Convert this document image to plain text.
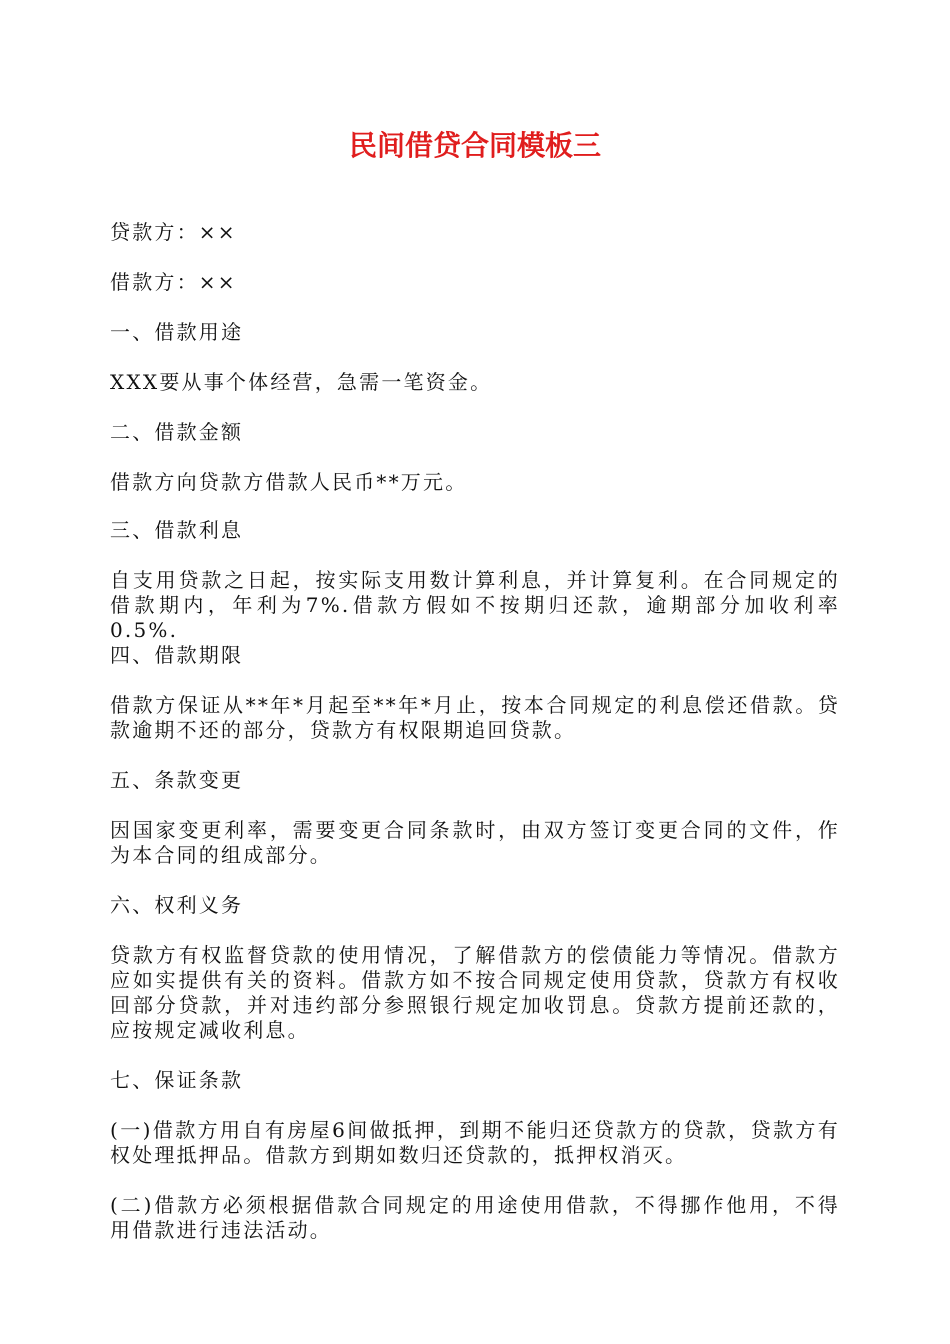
民间借贷合同模板三

贷款方：××

借款方：××

一、借款用途

XXX要从事个体经营，急需一笔资金。

二、借款金额

借款方向贷款方借款人民币**万元。

三、借款利息

自支用贷款之日起，按实际支用数计算利息，并计算复利。在合同规定的借款期内，年利为7%.借款方假如不按期归还款，逾期部分加收利率0.5%.

四、借款期限

借款方保证从**年*月起至**年*月止，按本合同规定的利息偿还借款。贷款逾期不还的部分，贷款方有权限期追回贷款。

五、条款变更

因国家变更利率，需要变更合同条款时，由双方签订变更合同的文件，作为本合同的组成部分。

六、权利义务

贷款方有权监督贷款的使用情况，了解借款方的偿债能力等情况。借款方应如实提供有关的资料。借款方如不按合同规定使用贷款，贷款方有权收回部分贷款，并对违约部分参照银行规定加收罚息。贷款方提前还款的，应按规定减收利息。

七、保证条款

(一)借款方用自有房屋6间做抵押，到期不能归还贷款方的贷款，贷款方有权处理抵押品。借款方到期如数归还贷款的，抵押权消灭。

(二)借款方必须根据借款合同规定的用途使用借款，不得挪作他用，不得用借款进行违法活动。
